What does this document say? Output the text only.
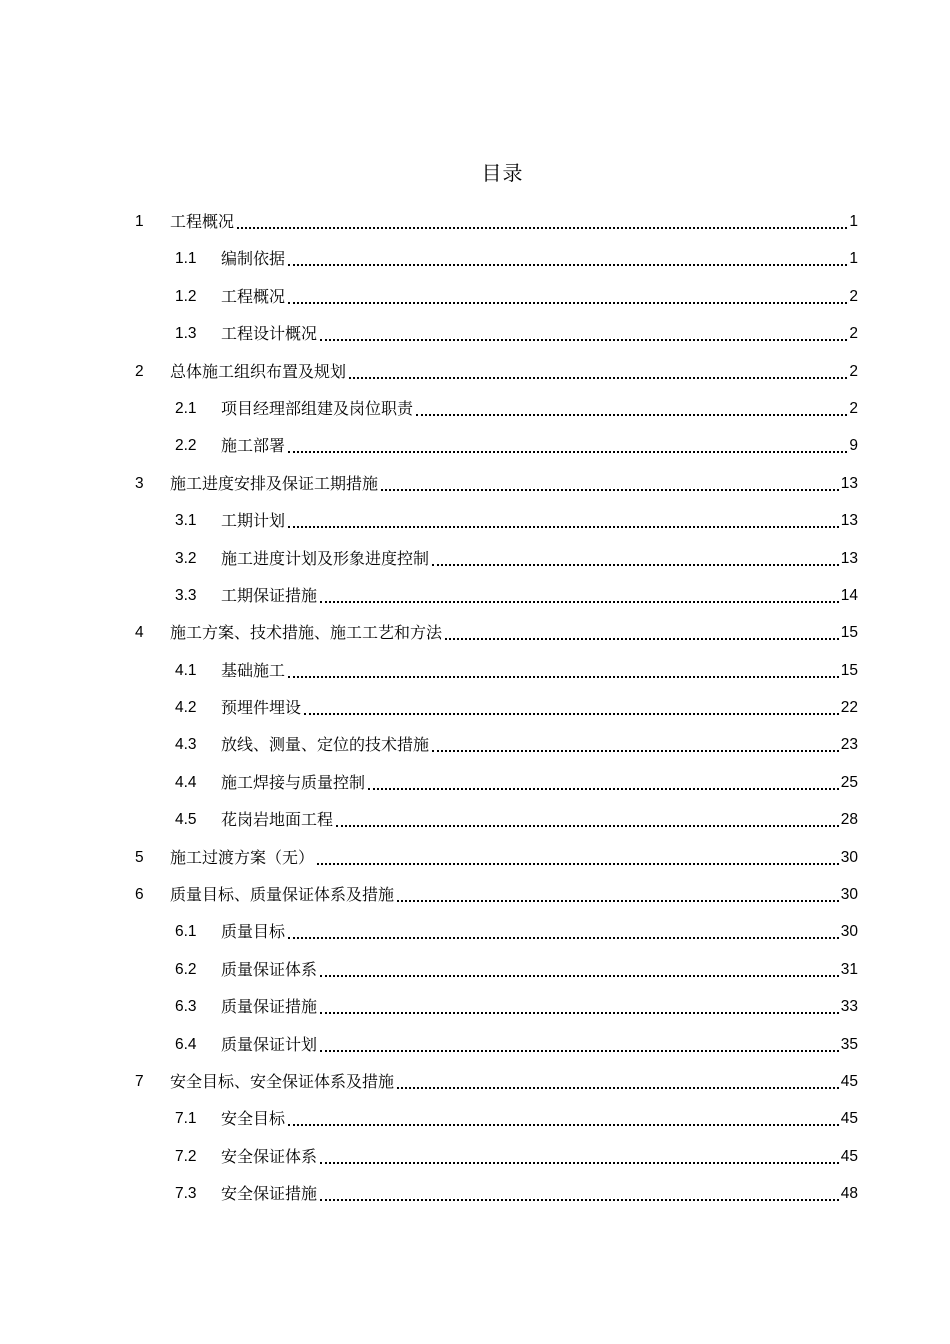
目录
1 工程概况	1
1.1 编制依据	1
1.2 工程概况	2
1.3 工程设计概况	2
2 总体施工组织布置及规划	2
2.1 项目经理部组建及岗位职责	2
2.2 施工部署	9
3 施工进度安排及保证工期措施	13
3.1 工期计划	13
3.2 施工进度计划及形象进度控制	13
3.3 工期保证措施	14
4 施工方案、技术措施、施工工艺和方法	15
4.1 基础施工	15
4.2 预埋件埋设	22
4.3 放线、测量、定位的技术措施	23
4.4 施工焊接与质量控制	25
4.5 花岗岩地面工程	28
5 施工过渡方案（无）	30
6 质量目标、质量保证体系及措施	30
6.1 质量目标	30
6.2 质量保证体系	31
6.3 质量保证措施	33
6.4 质量保证计划	35
7 安全目标、安全保证体系及措施	45
7.1 安全目标	45
7.2 安全保证体系	45
7.3 安全保证措施	48
